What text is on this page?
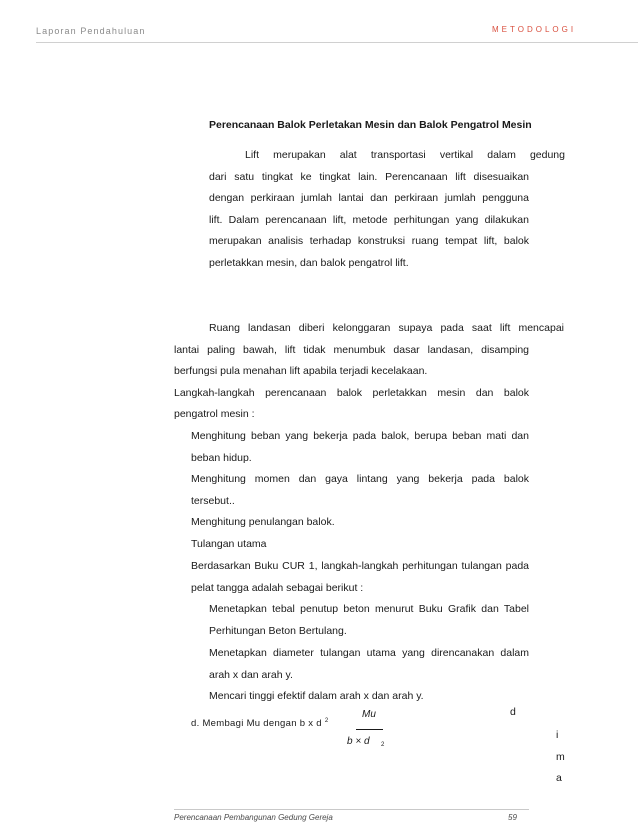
Laporan Pendahuluan	METODOLOGI
Perencanaan Balok Perletakan Mesin dan Balok Pengatrol Mesin
Lift merupakan alat transportasi vertikal dalam gedung
dari satu tingkat ke tingkat lain. Perencanaan lift disesuaikan
dengan perkiraan jumlah lantai dan perkiraan jumlah pengguna
lift. Dalam perencanaan lift, metode perhitungan yang dilakukan
merupakan analisis terhadap konstruksi ruang tempat lift, balok
perletakkan mesin, dan balok pengatrol lift.
Ruang landasan diberi kelonggaran supaya pada saat lift mencapai
lantai paling bawah, lift tidak menumbuk dasar landasan, disamping
berfungsi pula menahan lift apabila terjadi kecelakaan.
Langkah-langkah perencanaan balok perletakkan mesin dan balok
pengatrol mesin :
Menghitung beban yang bekerja pada balok, berupa beban mati dan
beban hidup.
Menghitung momen dan gaya lintang yang bekerja pada balok
tersebut..
Menghitung penulangan balok.
Tulangan utama
Berdasarkan Buku CUR 1, langkah-langkah perhitungan tulangan pada
pelat tangga adalah sebagai berikut :
Menetapkan tebal penutup beton menurut Buku Grafik dan Tabel
Perhitungan Beton Bertulang.
Menetapkan diameter tulangan utama yang direncanakan dalam
arah x dan arah y.
Mencari tinggi efektif dalam arah x dan arah y.
d. Membagi Mu dengan b x d $^2$
Mu
b × d 2
d
i
m
a
Perencanaan Pembangunan Gedung Gereja	59
